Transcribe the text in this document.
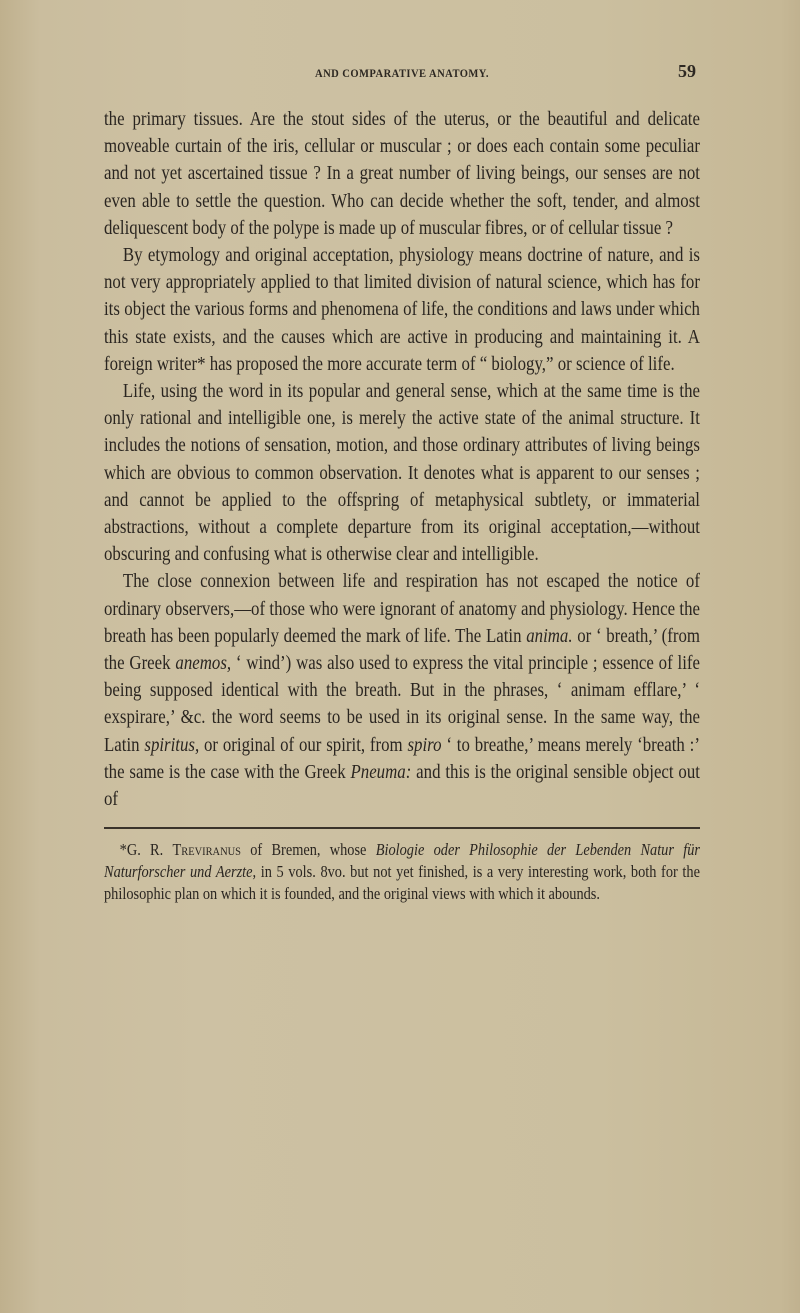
AND COMPARATIVE ANATOMY.	59

the primary tissues. Are the stout sides of the uterus, or the beautiful and delicate moveable curtain of the iris, cellular or muscular ; or does each contain some peculiar and not yet ascertained tissue ? In a great number of living beings, our senses are not even able to settle the question. Who can decide whether the soft, tender, and almost deliquescent body of the polype is made up of muscular fibres, or of cellular tissue ?

By etymology and original acceptation, physiology means doctrine of nature, and is not very appropriately applied to that limited division of natural science, which has for its object the various forms and phenomena of life, the conditions and laws under which this state exists, and the causes which are active in producing and maintaining it. A foreign writer* has proposed the more accurate term of “ biology,” or science of life.

Life, using the word in its popular and general sense, which at the same time is the only rational and intelligible one, is merely the active state of the animal structure. It includes the notions of sensation, motion, and those ordinary attributes of living beings which are obvious to common observation. It denotes what is apparent to our senses ; and cannot be applied to the offspring of metaphysical subtlety, or immaterial abstractions, without a complete departure from its original acceptation,—without obscuring and confusing what is otherwise clear and intelligible.

The close connexion between life and respiration has not escaped the notice of ordinary observers,—of those who were ignorant of anatomy and physiology. Hence the breath has been popularly deemed the mark of life. The Latin anima. or ‘ breath,’ (from the Greek anemos, ‘ wind’) was also used to express the vital principle ; essence of life being supposed identical with the breath. But in the phrases, ‘ animam efflare,’ ‘ exspirare,’ &c. the word seems to be used in its original sense. In the same way, the Latin spiritus, or original of our spirit, from spiro ‘ to breathe,’ means merely ‘breath :’ the same is the case with the Greek Pneuma: and this is the original sensible object out of

*G. R. Treviranus of Bremen, whose Biologie oder Philosophie der Lebenden Natur für Naturforscher und Aerzte, in 5 vols. 8vo. but not yet finished, is a very interesting work, both for the philosophic plan on which it is founded, and the original views with which it abounds.
